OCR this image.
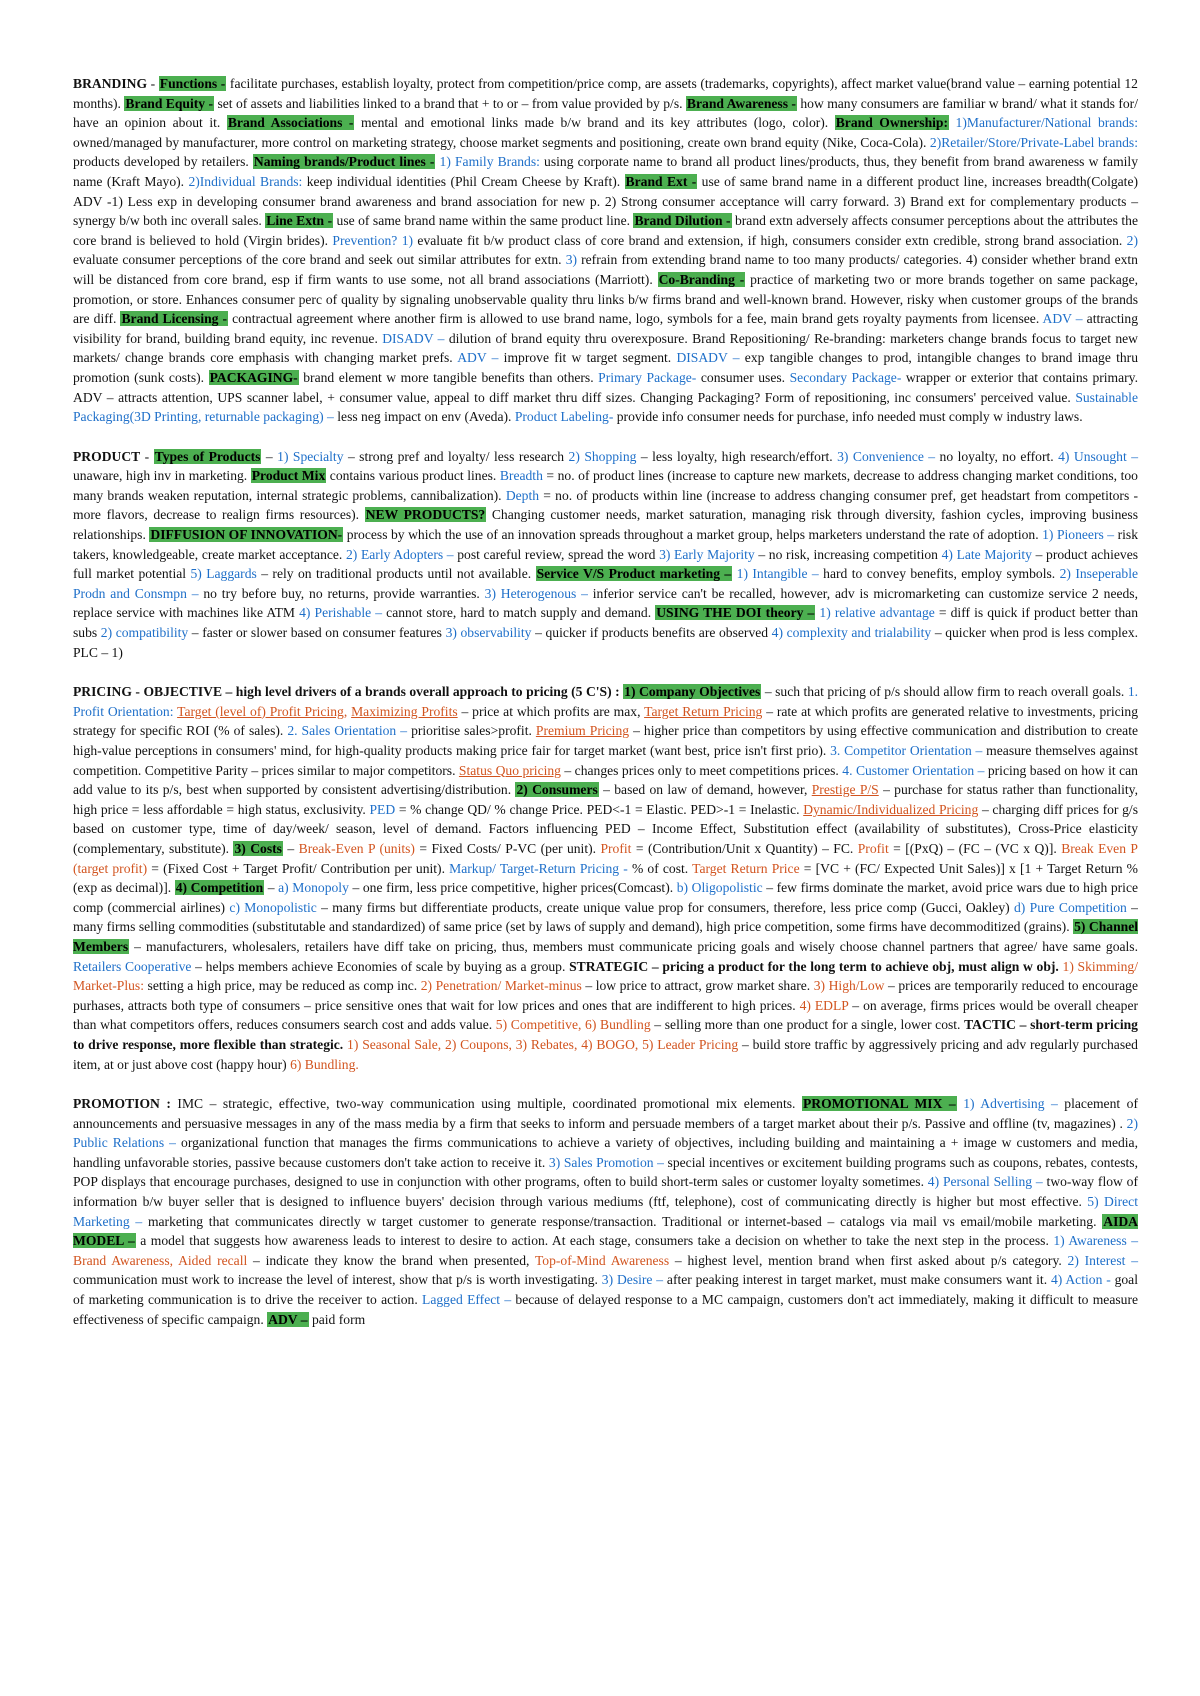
BRANDING - Functions - facilitate purchases, establish loyalty, protect from competition/price comp, are assets (trademarks, copyrights), affect market value(brand value – earning potential 12 months). Brand Equity - set of assets and liabilities linked to a brand that + to or – from value provided by p/s. Brand Awareness - how many consumers are familiar w brand/ what it stands for/ have an opinion about it. Brand Associations - mental and emotional links made b/w brand and its key attributes (logo, color). Brand Ownership: 1)Manufacturer/National brands: owned/managed by manufacturer, more control on marketing strategy, choose market segments and positioning, create own brand equity (Nike, Coca-Cola). 2)Retailer/Store/Private-Label brands: products developed by retailers. Naming brands/Product lines - 1) Family Brands: using corporate name to brand all product lines/products, thus, they benefit from brand awareness w family name (Kraft Mayo). 2)Individual Brands: keep individual identities (Phil Cream Cheese by Kraft). Brand Ext - use of same brand name in a different product line, increases breadth(Colgate) ADV -1) Less exp in developing consumer brand awareness and brand association for new p. 2) Strong consumer acceptance will carry forward. 3) Brand ext for complementary products – synergy b/w both inc overall sales. Line Extn - use of same brand name within the same product line. Brand Dilution - brand extn adversely affects consumer perceptions about the attributes the core brand is believed to hold (Virgin brides). Prevention? 1) evaluate fit b/w product class of core brand and extension, if high, consumers consider extn credible, strong brand association. 2) evaluate consumer perceptions of the core brand and seek out similar attributes for extn. 3) refrain from extending brand name to too many products/ categories. 4) consider whether brand extn will be distanced from core brand, esp if firm wants to use some, not all brand associations (Marriott). Co-Branding - practice of marketing two or more brands together on same package, promotion, or store. Enhances consumer perc of quality by signaling unobservable quality thru links b/w firms brand and well-known brand. However, risky when customer groups of the brands are diff. Brand Licensing - contractual agreement where another firm is allowed to use brand name, logo, symbols for a fee, main brand gets royalty payments from licensee. ADV – attracting visibility for brand, building brand equity, inc revenue. DISADV – dilution of brand equity thru overexposure. Brand Repositioning/ Re-branding: marketers change brands focus to target new markets/ change brands core emphasis with changing market prefs. ADV – improve fit w target segment. DISADV – exp tangible changes to prod, intangible changes to brand image thru promotion (sunk costs). PACKAGING- brand element w more tangible benefits than others. Primary Package- consumer uses. Secondary Package- wrapper or exterior that contains primary. ADV – attracts attention, UPS scanner label, + consumer value, appeal to diff market thru diff sizes. Changing Packaging? Form of repositioning, inc consumers' perceived value. Sustainable Packaging(3D Printing, returnable packaging) – less neg impact on env (Aveda). Product Labeling- provide info consumer needs for purchase, info needed must comply w industry laws.

PRODUCT - Types of Products – 1) Specialty – strong pref and loyalty/ less research 2) Shopping – less loyalty, high research/effort. 3) Convenience – no loyalty, no effort. 4) Unsought – unaware, high inv in marketing. Product Mix contains various product lines. Breadth = no. of product lines (increase to capture new markets, decrease to address changing market conditions, too many brands weaken reputation, internal strategic problems, cannibalization). Depth = no. of products within line (increase to address changing consumer pref, get headstart from competitors - more flavors, decrease to realign firms resources). NEW PRODUCTS? Changing customer needs, market saturation, managing risk through diversity, fashion cycles, improving business relationships. DIFFUSION OF INNOVATION- process by which the use of an innovation spreads throughout a market group, helps marketers understand the rate of adoption. 1) Pioneers – risk takers, knowledgeable, create market acceptance. 2) Early Adopters – post careful review, spread the word 3) Early Majority – no risk, increasing competition 4) Late Majority – product achieves full market potential 5) Laggards – rely on traditional products until not available. Service V/S Product marketing – 1) Intangible – hard to convey benefits, employ symbols. 2) Inseperable Prodn and Consmpn – no try before buy, no returns, provide warranties. 3) Heterogenous – inferior service can't be recalled, however, adv is micromarketing can customize service 2 needs, replace service with machines like ATM 4) Perishable – cannot store, hard to match supply and demand. USING THE DOI theory – 1) relative advantage = diff is quick if product better than subs 2) compatibility – faster or slower based on consumer features 3) observability – quicker if products benefits are observed 4) complexity and trialability – quicker when prod is less complex. PLC – 1)

PRICING - OBJECTIVE – high level drivers of a brands overall approach to pricing (5 C'S) : 1) Company Objectives – such that pricing of p/s should allow firm to reach overall goals. 1. Profit Orientation: Target (level of) Profit Pricing, Maximizing Profits – price at which profits are max, Target Return Pricing – rate at which profits are generated relative to investments, pricing strategy for specific ROI (% of sales). 2. Sales Orientation – prioritise sales>profit. Premium Pricing – higher price than competitors by using effective communication and distribution to create high-value perceptions in consumers' mind, for high-quality products making price fair for target market (want best, price isn't first prio). 3. Competitor Orientation – measure themselves against competition. Competitive Parity – prices similar to major competitors. Status Quo pricing – changes prices only to meet competitions prices. 4. Customer Orientation – pricing based on how it can add value to its p/s, best when supported by consistent advertising/distribution. 2) Consumers – based on law of demand, however, Prestige P/S – purchase for status rather than functionality, high price = less affordable = high status, exclusivity. PED = % change QD/ % change Price. PED<-1 = Elastic. PED>-1 = Inelastic. Dynamic/Individualized Pricing – charging diff prices for g/s based on customer type, time of day/week/ season, level of demand. Factors influencing PED – Income Effect, Substitution effect (availability of substitutes), Cross-Price elasticity (complementary, substitute). 3) Costs – Break-Even P (units) = Fixed Costs/ P-VC (per unit). Profit = (Contribution/Unit x Quantity) – FC. Profit = [(PxQ) – (FC – (VC x Q)]. Break Even P (target profit) = (Fixed Cost + Target Profit/ Contribution per unit). Markup/ Target-Return Pricing - % of cost. Target Return Price = [VC + (FC/ Expected Unit Sales)] x [1 + Target Return % (exp as decimal)]. 4) Competition – a) Monopoly – one firm, less price competitive, higher prices(Comcast). b) Oligopolistic – few firms dominate the market, avoid price wars due to high price comp (commercial airlines) c) Monopolistic – many firms but differentiate products, create unique value prop for consumers, therefore, less price comp (Gucci, Oakley) d) Pure Competition – many firms selling commodities (substitutable and standardized) of same price (set by laws of supply and demand), high price competition, some firms have decommoditized (grains). 5) Channel Members – manufacturers, wholesalers, retailers have diff take on pricing, thus, members must communicate pricing goals and wisely choose channel partners that agree/ have same goals. Retailers Cooperative – helps members achieve Economies of scale by buying as a group. STRATEGIC – pricing a product for the long term to achieve obj, must align w obj. 1) Skimming/ Market-Plus: setting a high price, may be reduced as comp inc. 2) Penetration/ Market-minus – low price to attract, grow market share. 3) High/Low – prices are temporarily reduced to encourage purhases, attracts both type of consumers – price sensitive ones that wait for low prices and ones that are indifferent to high prices. 4) EDLP – on average, firms prices would be overall cheaper than what competitors offers, reduces consumers search cost and adds value. 5) Competitive, 6) Bundling – selling more than one product for a single, lower cost. TACTIC – short-term pricing to drive response, more flexible than strategic. 1) Seasonal Sale, 2) Coupons, 3) Rebates, 4) BOGO, 5) Leader Pricing – build store traffic by aggressively pricing and adv regularly purchased item, at or just above cost (happy hour) 6) Bundling.

PROMOTION : IMC – strategic, effective, two-way communication using multiple, coordinated promotional mix elements. PROMOTIONAL MIX – 1) Advertising – placement of announcements and persuasive messages in any of the mass media by a firm that seeks to inform and persuade members of a target market about their p/s. Passive and offline (tv, magazines) . 2) Public Relations – organizational function that manages the firms communications to achieve a variety of objectives, including building and maintaining a + image w customers and media, handling unfavorable stories, passive because customers don't take action to receive it. 3) Sales Promotion – special incentives or excitement building programs such as coupons, rebates, contests, POP displays that encourage purchases, designed to use in conjunction with other programs, often to build short-term sales or customer loyalty sometimes. 4) Personal Selling – two-way flow of information b/w buyer seller that is designed to influence buyers' decision through various mediums (ftf, telephone), cost of communicating directly is higher but most effective. 5) Direct Marketing – marketing that communicates directly w target customer to generate response/transaction. Traditional or internet-based – catalogs via mail vs email/mobile marketing. AIDA MODEL – a model that suggests how awareness leads to interest to desire to action. At each stage, consumers take a decision on whether to take the next step in the process. 1) Awareness – Brand Awareness, Aided recall – indicate they know the brand when presented, Top-of-Mind Awareness – highest level, mention brand when first asked about p/s category. 2) Interest – communication must work to increase the level of interest, show that p/s is worth investigating. 3) Desire – after peaking interest in target market, must make consumers want it. 4) Action - goal of marketing communication is to drive the receiver to action. Lagged Effect – because of delayed response to a MC campaign, customers don't act immediately, making it difficult to measure effectiveness of specific campaign. ADV – paid form
